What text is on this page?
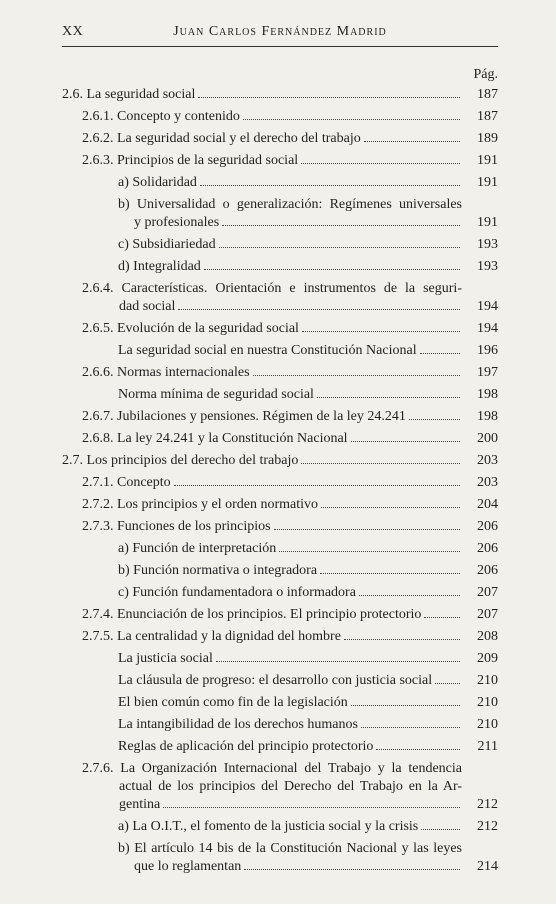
XX	Juan Carlos Fernández Madrid
Pág.
2.6. La seguridad social	187
2.6.1. Concepto y contenido	187
2.6.2. La seguridad social y el derecho del trabajo	189
2.6.3. Principios de la seguridad social	191
a) Solidaridad	191
b) Universalidad o generalización: Regímenes universales
y profesionales	191
c) Subsidiariedad	193
d) Integralidad	193
2.6.4. Características. Orientación e instrumentos de la seguri-
dad social	194
2.6.5. Evolución de la seguridad social	194
La seguridad social en nuestra Constitución Nacional	196
2.6.6. Normas internacionales	197
Norma mínima de seguridad social	198
2.6.7. Jubilaciones y pensiones. Régimen de la ley 24.241	198
2.6.8. La ley 24.241 y la Constitución Nacional	200
2.7. Los principios del derecho del trabajo	203
2.7.1. Concepto	203
2.7.2. Los principios y el orden normativo	204
2.7.3. Funciones de los principios	206
a) Función de interpretación	206
b) Función normativa o integradora	206
c) Función fundamentadora o informadora	207
2.7.4. Enunciación de los principios. El principio protectorio	207
2.7.5. La centralidad y la dignidad del hombre	208
La justicia social	209
La cláusula de progreso: el desarrollo con justicia social	210
El bien común como fin de la legislación	210
La intangibilidad de los derechos humanos	210
Reglas de aplicación del principio protectorio	211
2.7.6. La Organización Internacional del Trabajo y la tendencia
actual de los principios del Derecho del Trabajo en la Ar-
gentina	212
a) La O.I.T., el fomento de la justicia social y la crisis	212
b) El artículo 14 bis de la Constitución Nacional y las leyes
que lo reglamentan	214
